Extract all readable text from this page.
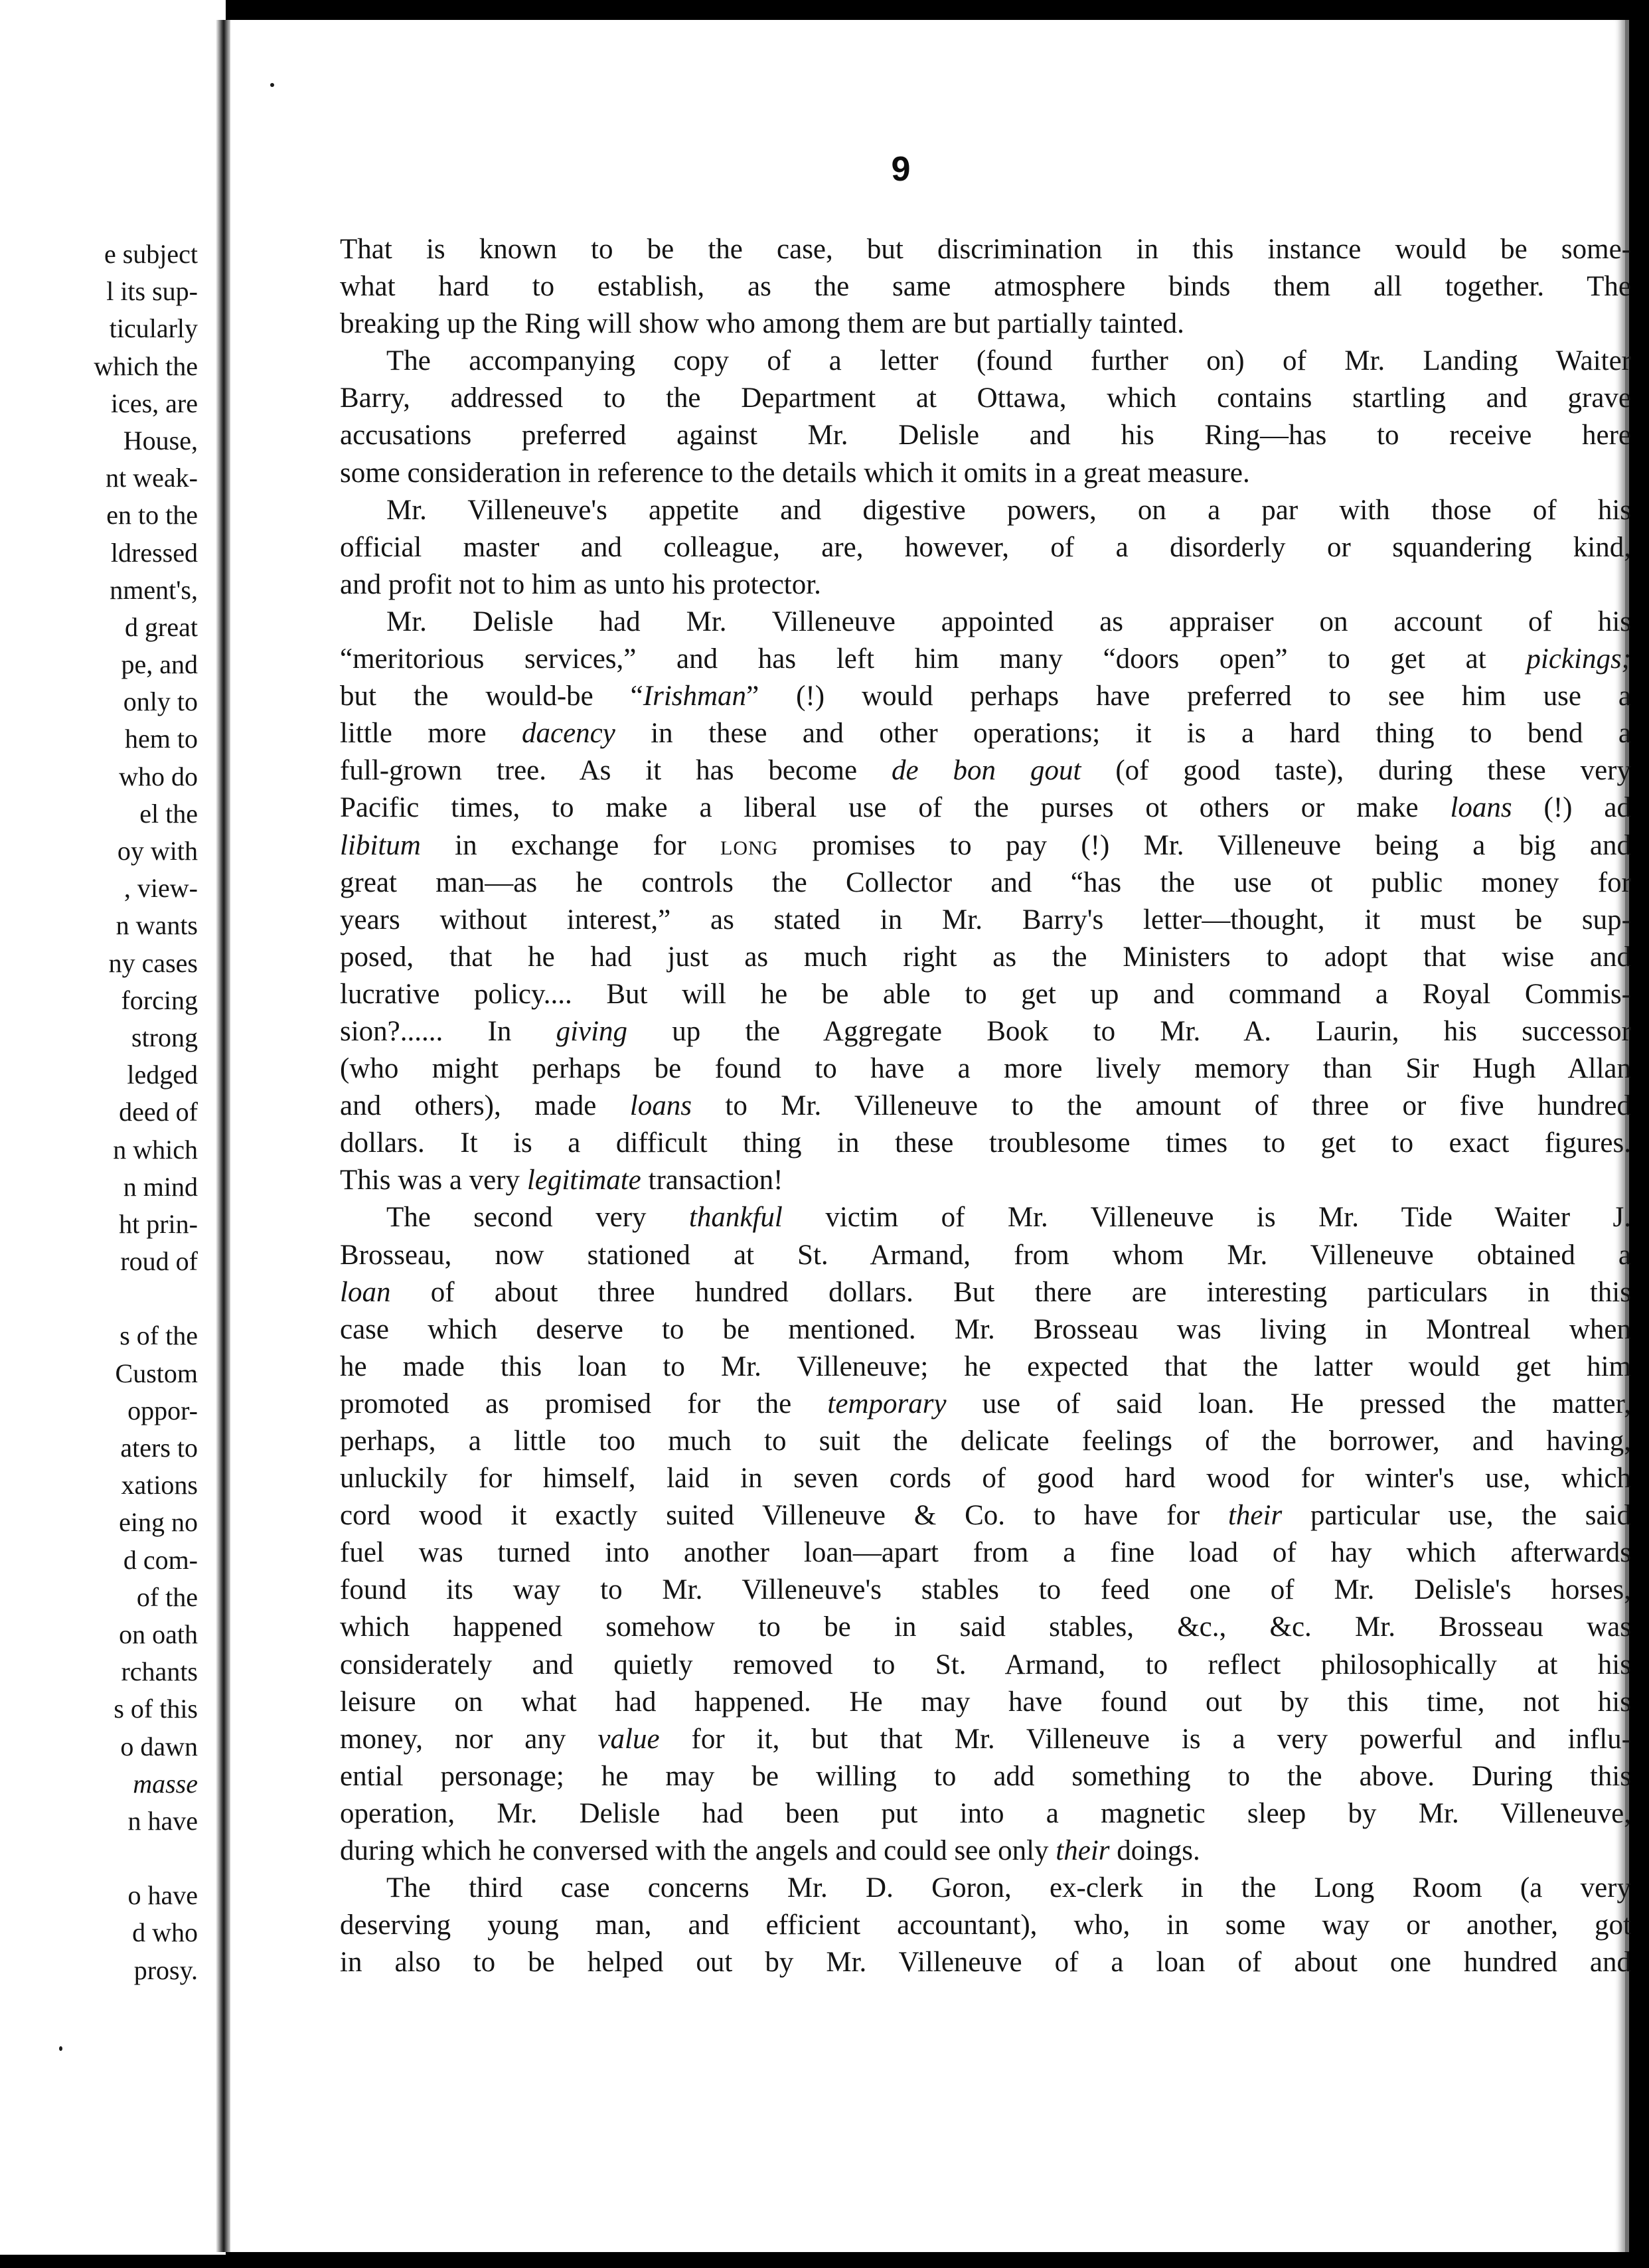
e subject
l its sup-
ticularly
which the
ices, are
House,
nt weak-
en to the
ldressed
nment's,
d great
pe, and
only to
hem to
who do
el the
oy with
, view-
n wants
ny cases
forcing
strong
ledged
deed of
n which
n mind
ht prin-
roud of
s of the
Custom
oppor-
aters to
xations
eing no
d com-
of the
on oath
rchants
s of this
o dawn
masse
n have
o have
d who
prosy.
9
That is known to be the case, but discrimination in this instance would be some-
what hard to establish, as the same atmosphere binds them all together. The
breaking up the Ring will show who among them are but partially tainted.
The accompanying copy of a letter (found further on) of Mr. Landing Waiter
Barry, addressed to the Department at Ottawa, which contains startling and grave
accusations preferred against Mr. Delisle and his Ring—has to receive here
some consideration in reference to the details which it omits in a great measure.
Mr. Villeneuve's appetite and digestive powers, on a par with those of his
official master and colleague, are, however, of a disorderly or squandering kind,
and profit not to him as unto his protector.
Mr. Delisle had Mr. Villeneuve appointed as appraiser on account of his
“meritorious services,” and has left him many “doors open” to get at pickings;
but the would-be “Irishman” (!) would perhaps have preferred to see him use a
little more dacency in these and other operations; it is a hard thing to bend a
full-grown tree. As it has become de bon gout (of good taste), during these very
Pacific times, to make a liberal use of the purses ot others or make loans (!) ad
libitum in exchange for long promises to pay (!) Mr. Villeneuve being a big and
great man—as he controls the Collector and “has the use ot public money for
years without interest,” as stated in Mr. Barry's letter—thought, it must be sup-
posed, that he had just as much right as the Ministers to adopt that wise and
lucrative policy.... But will he be able to get up and command a Royal Commis-
sion?...... In giving up the Aggregate Book to Mr. A. Laurin, his successor
(who might perhaps be found to have a more lively memory than Sir Hugh Allan
and others), made loans to Mr. Villeneuve to the amount of three or five hundred
dollars. It is a difficult thing in these troublesome times to get to exact figures.
This was a very legitimate transaction!
The second very thankful victim of Mr. Villeneuve is Mr. Tide Waiter J.
Brosseau, now stationed at St. Armand, from whom Mr. Villeneuve obtained a
loan of about three hundred dollars. But there are interesting particulars in this
case which deserve to be mentioned. Mr. Brosseau was living in Montreal when
he made this loan to Mr. Villeneuve; he expected that the latter would get him
promoted as promised for the temporary use of said loan. He pressed the matter,
perhaps, a little too much to suit the delicate feelings of the borrower, and having,
unluckily for himself, laid in seven cords of good hard wood for winter's use, which
cord wood it exactly suited Villeneuve & Co. to have for their particular use, the said
fuel was turned into another loan—apart from a fine load of hay which afterwards
found its way to Mr. Villeneuve's stables to feed one of Mr. Delisle's horses,
which happened somehow to be in said stables, &c., &c. Mr. Brosseau was
considerately and quietly removed to St. Armand, to reflect philosophically at his
leisure on what had happened. He may have found out by this time, not his
money, nor any value for it, but that Mr. Villeneuve is a very powerful and influ-
ential personage; he may be willing to add something to the above. During this
operation, Mr. Delisle had been put into a magnetic sleep by Mr. Villeneuve,
during which he conversed with the angels and could see only their doings.
The third case concerns Mr. D. Goron, ex-clerk in the Long Room (a very
deserving young man, and efficient accountant), who, in some way or another, got
in also to be helped out by Mr. Villeneuve of a loan of about one hundred and
